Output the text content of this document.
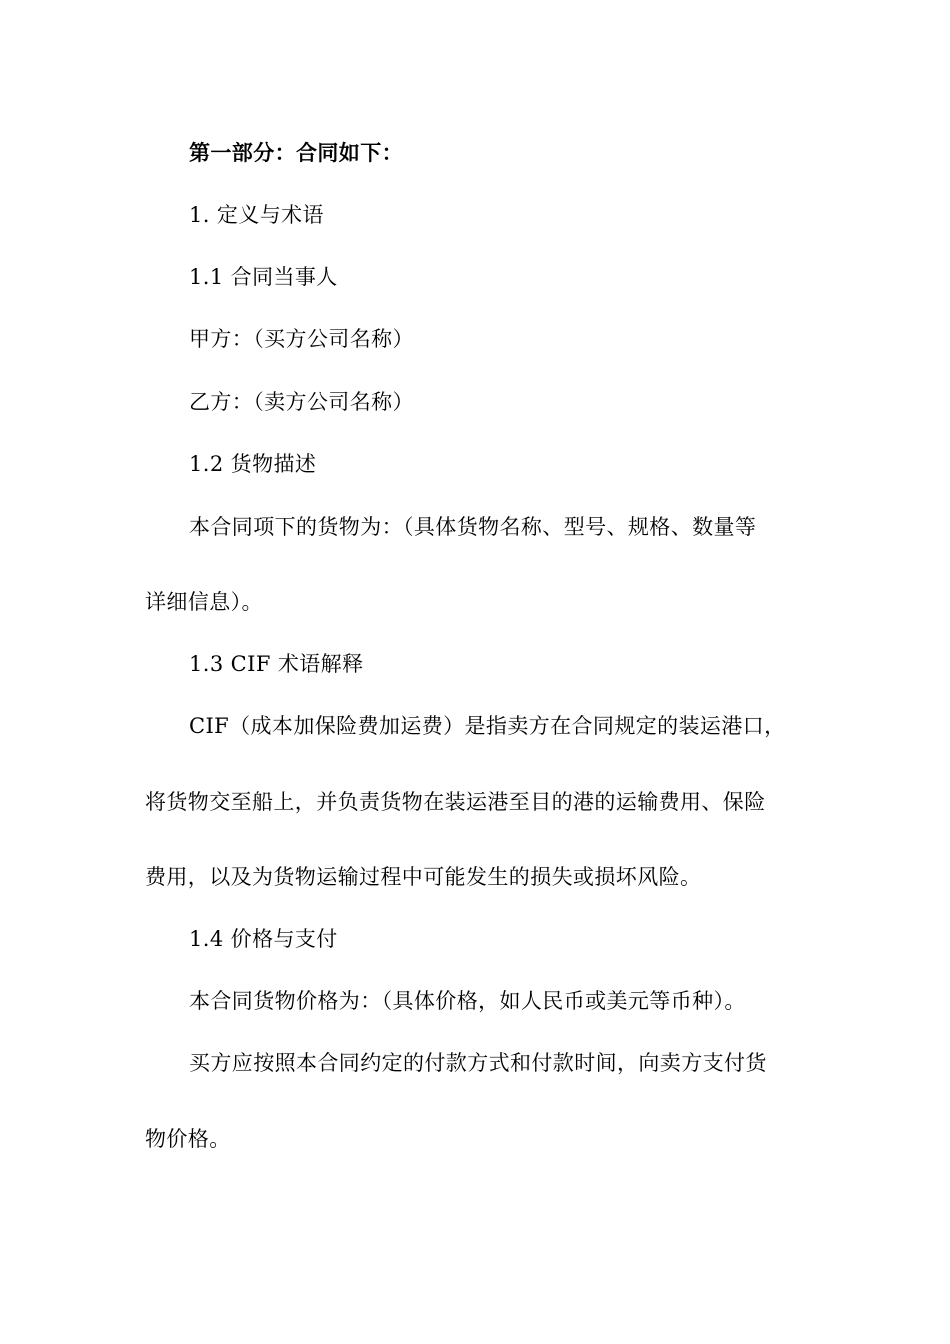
第一部分：合同如下：
1. 定义与术语
1.1 合同当事人
甲方：（买方公司名称）
乙方：（卖方公司名称）
1.2 货物描述
本合同项下的货物为：（具体货物名称、型号、规格、数量等
详细信息）。
1.3 CIF 术语解释
CIF（成本加保险费加运费）是指卖方在合同规定的装运港口，
将货物交至船上，并负责货物在装运港至目的港的运输费用、保险
费用，以及为货物运输过程中可能发生的损失或损坏风险。
1.4 价格与支付
本合同货物价格为：（具体价格，如人民币或美元等币种）。
买方应按照本合同约定的付款方式和付款时间，向卖方支付货
物价格。
